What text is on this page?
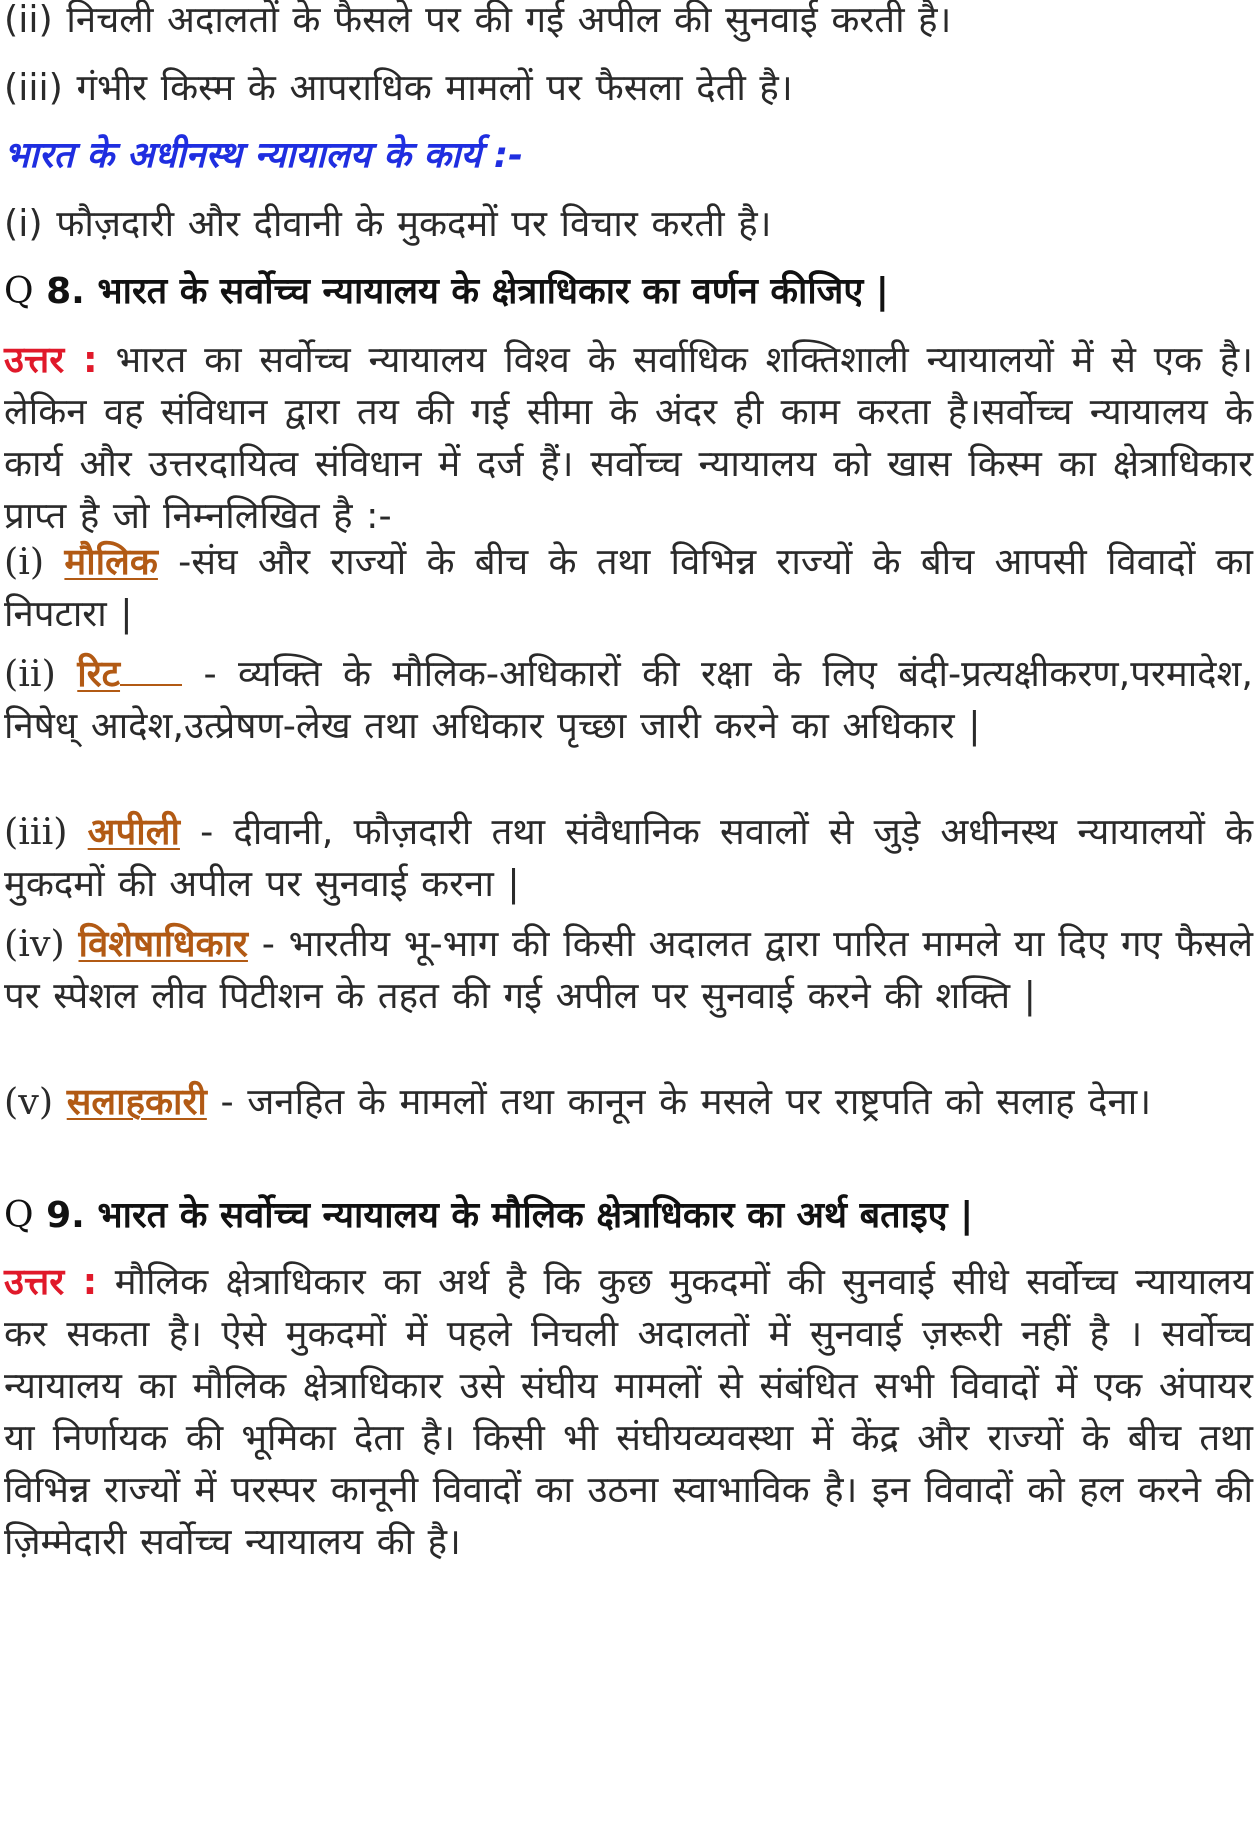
(ii) निचली अदालतों के फैसले पर की गई अपील की सुनवाई करती है।

(iii) गंभीर किस्म के आपराधिक मामलों पर फैसला देती है।

भारत के अधीनस्थ न्यायालय के कार्य :-

(i) फौज़दारी और दीवानी के मुकदमों पर विचार करती है।

Q 8. भारत के सर्वोच्च न्यायालय के क्षेत्राधिकार का वर्णन कीजिए |

उत्तर : भारत का सर्वोच्च न्यायालय विश्व के सर्वाधिक शक्तिशाली न्यायालयों में से एक है। लेकिन वह संविधान द्वारा तय की गई सीमा के अंदर ही काम करता है।सर्वोच्च न्यायालय के कार्य और उत्तरदायित्व संविधान में दर्ज हैं। सर्वोच्च न्यायालय को खास किस्म का क्षेत्राधिकार प्राप्त है जो निम्नलिखित है :-

(i) मौलिक -संघ और राज्यों के बीच के तथा विभिन्न राज्यों के बीच आपसी विवादों का निपटारा |

(ii) रिट - व्यक्ति के मौलिक-अधिकारों की रक्षा के लिए बंदी-प्रत्यक्षीकरण,परमादेश, निषेध् आदेश,उत्प्रेषण-लेख तथा अधिकार पृच्छा जारी करने का अधिकार |

(iii) अपीली - दीवानी, फौज़दारी तथा संवैधानिक सवालों से जुड़े अधीनस्थ न्यायालयों के मुकदमों की अपील पर सुनवाई करना |

(iv) विशेषाधिकार - भारतीय भू-भाग की किसी अदालत द्वारा पारित मामले या दिए गए फैसले पर स्पेशल लीव पिटीशन के तहत की गई अपील पर सुनवाई करने की शक्ति |

(v) सलाहकारी - जनहित के मामलों तथा कानून के मसले पर राष्ट्रपति को सलाह देना।

Q 9. भारत के सर्वोच्च न्यायालय के मौलिक क्षेत्राधिकार का अर्थ बताइए |

उत्तर : मौलिक क्षेत्राधिकार का अर्थ है कि कुछ मुकदमों की सुनवाई सीधे सर्वोच्च न्यायालय कर सकता है। ऐसे मुकदमों में पहले निचली अदालतों में सुनवाई ज़रूरी नहीं है । सर्वोच्च न्यायालय का मौलिक क्षेत्राधिकार उसे संघीय मामलों से संबंधित सभी विवादों में एक अंपायर या निर्णायक की भूमिका देता है। किसी भी संघीयव्यवस्था में केंद्र और राज्यों के बीच तथा विभिन्न राज्यों में परस्पर कानूनी विवादों का उठना स्वाभाविक है। इन विवादों को हल करने की ज़िम्मेदारी सर्वोच्च न्यायालय की है।
